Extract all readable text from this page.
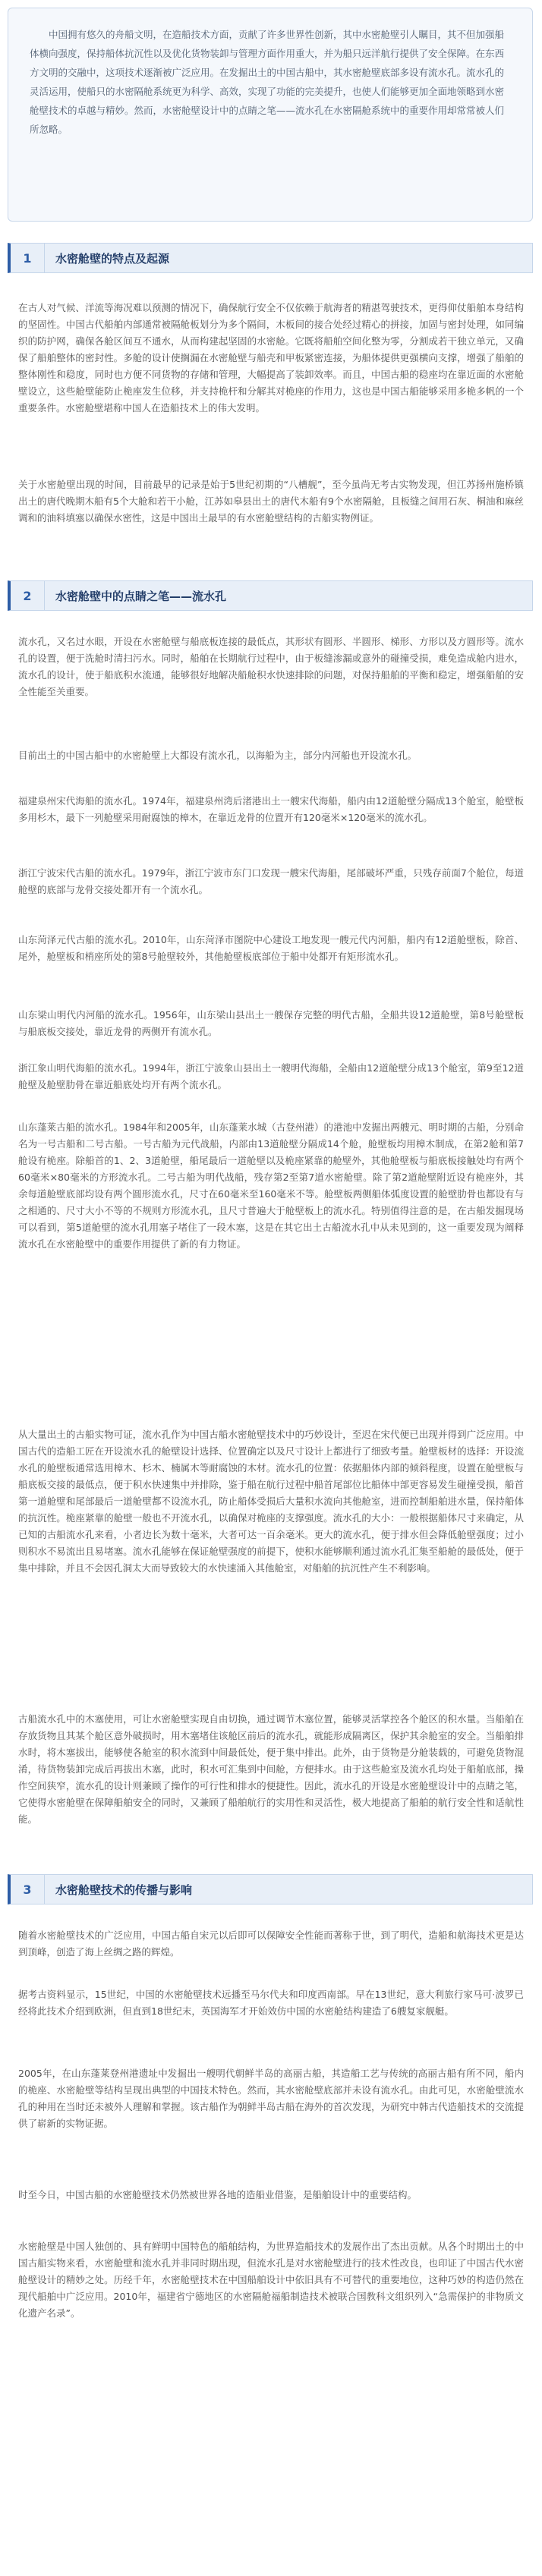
中国拥有悠久的舟船文明，在造船技术方面，贡献了许多世界性创新，其中水密舱壁引人瞩目，其不但加强船体横向强度，保持船体抗沉性以及优化货物装卸与管理方面作用重大，并为船只远洋航行提供了安全保障。在东西方文明的交融中，这项技术逐渐被广泛应用。在发掘出土的中国古船中，其水密舱壁底部多设有流水孔。流水孔的灵活运用，使船只的水密隔舱系统更为科学、高效，实现了功能的完美提升，也使人们能够更加全面地领略到水密舱壁技术的卓越与精妙。然而，水密舱壁设计中的点睛之笔——流水孔在水密隔舱系统中的重要作用却常常被人们所忽略。

1	水密舱壁的特点及起源

在古人对气候、洋流等海况难以预测的情况下，确保航行安全不仅依赖于航海者的精湛驾驶技术，更得仰仗船舶本身结构的坚固性。中国古代船舶内部通常被隔舱板划分为多个隔间，木板间的接合处经过精心的拼接，加固与密封处理，如同编织的防护网，确保各舱区间互不通水，从而构建起坚固的水密舱。它既将船舶空间化整为零，分割成若干独立单元，又确保了船舶整体的密封性。多舱的设计使搁漏在水密舱壁与船壳和甲板紧密连接，为船体提供更强横向支撑，增强了船舶的整体刚性和稳度，同时也方便不同货物的存储和管理，大幅提高了装卸效率。而且，中国古船的稳座均在靠近面的水密舱壁设立，这些舱壁能防止桅座发生位移，并支持桅杆和分解其对桅座的作用力，这也是中国古船能够采用多桅多帆的一个重要条件。水密舱壁堪称中国人在造船技术上的伟大发明。

关于水密舱壁出现的时间，目前最早的记录是始于5世纪初期的“八槽舰”，至今虽尚无考古实物发现，但江苏扬州施桥镇出土的唐代晚期木船有5个大舱和若干小舱，江苏如皋县出土的唐代木船有9个水密隔舱，且板缝之间用石灰、桐油和麻丝调和的油料填塞以确保水密性，这是中国出土最早的有水密舱壁结构的古船实物例证。

2	水密舱壁中的点睛之笔——流水孔

流水孔，又名过水眼，开设在水密舱壁与船底板连接的最低点，其形状有圆形、半圆形、梯形、方形以及方圆形等。流水孔的设置，便于洗舱时清扫污水。同时，船舶在长期航行过程中，由于板缝渗漏或意外的碰撞受损，难免造成舱内进水，流水孔的设计，使于船底积水流通，能够很好地解决船舱积水快速排除的问题，对保持船舶的平衡和稳定，增强船舶的安全性能至关重要。

目前出土的中国古船中的水密舱壁上大都设有流水孔，以海船为主，部分内河船也开设流水孔。

福建泉州宋代海船的流水孔。1974年，福建泉州湾后渚港出土一艘宋代海船，船内由12道舱壁分隔成13个舱室，舱壁板多用杉木，最下一列舱壁采用耐腐蚀的樟木，在靠近龙骨的位置开有120毫米×120毫米的流水孔。

浙江宁波宋代古船的流水孔。1979年，浙江宁波市东门口发现一艘宋代海船，尾部破坏严重，只残存前面7个舱位，每道舱壁的底部与龙骨交接处都开有一个流水孔。

山东菏泽元代古船的流水孔。2010年，山东菏泽市图院中心建设工地发现一艘元代内河船，船内有12道舱壁板，除首、尾外，舱壁板和梢座所处的第8号舱壁较外，其他舱壁板底部位于船中处都开有矩形流水孔。

山东梁山明代内河船的流水孔。1956年，山东梁山县出土一艘保存完整的明代古船，全船共设12道舱壁，第8号舱壁板与船底板交接处，靠近龙骨的两侧开有流水孔。

浙江象山明代海船的流水孔。1994年，浙江宁波象山县出土一艘明代海船，全船由12道舱壁分成13个舱室，第9至12道舱壁及舱壁肋骨在靠近船底处均开有两个流水孔。

山东蓬莱古船的流水孔。1984年和2005年，山东蓬莱水城（古登州港）的港池中发掘出两艘元、明时期的古船，分别命名为一号古船和二号古船。一号古船为元代战船，内部由13道舱壁分隔成14个舱，舱壁板均用樟木制成，在第2舱和第7舱设有桅座。除船首的1、2、3道舱壁，船尾最后一道舱壁以及桅座紧靠的舱壁外，其他舱壁板与船底板接触处均有两个60毫米×80毫米的方形流水孔。二号古船为明代战船，残存第2至第7道水密舱壁。除了第2道舱壁附近设有桅座外，其余每道舱壁底部均设有两个圆形流水孔，尺寸在60毫米至160毫米不等。舱壁板两侧船体弧度设置的舱壁肋骨也都设有与之相通的、尺寸大小不等的不规则方形流水孔，且尺寸普遍大于舱壁板上的流水孔。特别值得注意的是，在古船发掘现场可以看到，第5道舱壁的流水孔用塞子堵住了一段木塞，这是在其它出土古船流水孔中从未见到的，这一重要发现为阐释流水孔在水密舱壁中的重要作用提供了新的有力物证。

从大量出土的古船实物可证，流水孔作为中国古船水密舱壁技术中的巧妙设计，至迟在宋代便已出现并得到广泛应用。中国古代的造船工匠在开设流水孔的舱壁设计选择、位置确定以及尺寸设计上都进行了细致考量。舱壁板材的选择：开设流水孔的舱壁板通常选用樟木、杉木、楠属木等耐腐蚀的木材。流水孔的位置：依据船体内部的倾斜程度，设置在舱壁板与船底板交接的最低点，便于积水快速集中并排除，鉴于船在航行过程中船首尾部位比船体中部更容易发生碰撞受损，船首第一道舱壁和尾部最后一道舱壁都不设流水孔，防止船体受损后大量积水流向其他舱室，进而控制船舶进水量，保持船体的抗沉性。桅座紧靠的舱壁一般也不开流水孔，以确保对桅座的支撑强度。流水孔的大小：一般根据船体尺寸来确定，从已知的古船流水孔来看，小者边长为数十毫米，大者可达一百余毫米。更大的流水孔，便于排水但会降低舱壁强度；过小则积水不易流出且易堵塞。流水孔能够在保证舱壁强度的前提下，使积水能够顺利通过流水孔汇集至船舱的最低处，便于集中排除，并且不会因孔洞太大而导致较大的水快速涌入其他舱室，对船舶的抗沉性产生不利影响。

古船流水孔中的木塞使用，可让水密舱壁实现自由切换，通过调节木塞位置，能够灵活掌控各个舱区的积水量。当船舶在存放货物且其某个舱区意外破损时，用木塞堵住该舱区前后的流水孔，就能形成隔离区，保护其余舱室的安全。当船舶排水时，将木塞拔出，能够使各舱室的积水流到中间最低处，便于集中排出。此外，由于货物是分舱装载的，可避免货物混淆，待货物装卸完成后再拔出木塞，此时，积水可汇集到中间舱，方便排水。由于这些舱室及流水孔均处于船舶底部，操作空间狭窄，流水孔的设计则兼顾了操作的可行性和排水的便捷性。因此，流水孔的开设是水密舱壁设计中的点睛之笔，它使得水密舱壁在保障船舶安全的同时，又兼顾了船舶航行的实用性和灵活性，极大地提高了船舶的航行安全性和适航性能。

3	水密舱壁技术的传播与影响

随着水密舱壁技术的广泛应用，中国古船自宋元以后即可以保障安全性能而著称于世，到了明代，造船和航海技术更是达到顶峰，创造了海上丝绸之路的辉煌。

据考古资料显示，15世纪，中国的水密舱壁技术远播至马尔代夫和印度西南部。早在13世纪，意大利旅行家马可·波罗已经将此技术介绍到欧洲，但直到18世纪末，英国海军才开始效仿中国的水密舱结构建造了6艘复家舰艇。

2005年，在山东蓬莱登州港遗址中发掘出一艘明代朝鲜半岛的高丽古船，其造船工艺与传统的高丽古船有所不同，船内的桅座、水密舱壁等结构呈现出典型的中国技术特色。然而，其水密舱壁底部并未设有流水孔。由此可见，水密舱壁流水孔的种用在当时还未被外人理解和掌握。该古船作为朝鲜半岛古船在海外的首次发现，为研究中韩古代造船技术的交流提供了崭新的实物证据。

时至今日，中国古船的水密舱壁技术仍然被世界各地的造船业借鉴，是船舶设计中的重要结构。

水密舱壁是中国人独创的、具有鲜明中国特色的船舶结构，为世界造船技术的发展作出了杰出贡献。从各个时期出土的中国古船实物来看，水密舱壁和流水孔并非同时期出现，但流水孔是对水密舱壁进行的技术性改良，也印证了中国古代水密舱壁设计的精妙之处。历经千年，水密舱壁技术在中国船舶设计中依旧具有不可替代的重要地位，这种巧妙的构造仍然在现代船舶中广泛应用。2010年，福建省宁德地区的水密隔舱福船制造技术被联合国教科文组织列入“急需保护的非物质文化遗产名录”。
